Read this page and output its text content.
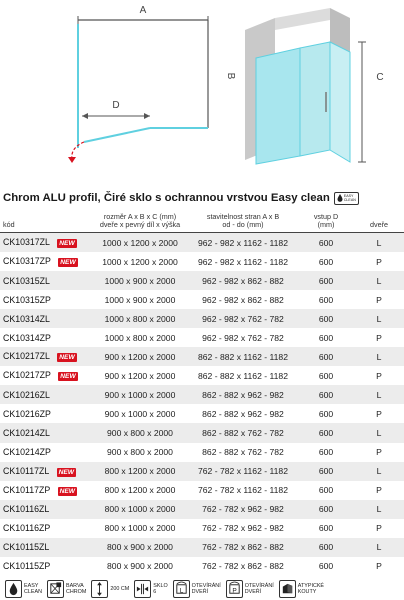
A
B
D
C
Chrom ALU profil, Čiré sklo s ochrannou vrstvou Easy clean	EASY
CLEAN
kód	rozměr A x B x C (mm)
dveře x pevný díl x výška	stavitelnost stran A x B
od - do (mm)	vstup D
(mm)	dveře
CK10317ZL NEW	1000 x 1200 x 2000	962 - 982 x 1162 - 1182	600	L
CK10317ZP NEW	1000 x 1200 x 2000	962 - 982 x 1162 - 1182	600	P
CK10315ZL	1000 x 900 x 2000	962 - 982 x 862 - 882	600	L
CK10315ZP	1000 x 900 x 2000	962 - 982 x 862 - 882	600	P
CK10314ZL	1000 x 800 x 2000	962 - 982 x 762 - 782	600	L
CK10314ZP	1000 x 800 x 2000	962 - 982 x 762 - 782	600	P
CK10217ZL NEW	900 x 1200 x 2000	862 - 882 x 1162 - 1182	600	L
CK10217ZP NEW	900 x 1200 x 2000	862 - 882 x 1162 - 1182	600	P
CK10216ZL	900 x 1000 x 2000	862 - 882 x 962 - 982	600	L
CK10216ZP	900 x 1000 x 2000	862 - 882 x 962 - 982	600	P
CK10214ZL	900 x 800 x 2000	862 - 882 x 762 - 782	600	L
CK10214ZP	900 x 800 x 2000	862 - 882 x 762 - 782	600	P
CK10117ZL NEW	800 x 1200 x 2000	762 - 782 x 1162 - 1182	600	L
CK10117ZP NEW	800 x 1200 x 2000	762 - 782 x 1162 - 1182	600	P
CK10116ZL	800 x 1000 x 2000	762 - 782 x 962 - 982	600	L
CK10116ZP	800 x 1000 x 2000	762 - 782 x 962 - 982	600	P
CK10115ZL	800 x 900 x 2000	762 - 782 x 862 - 882	600	L
CK10115ZP	800 x 900 x 2000	762 - 782 x 862 - 882	600	P
EASY
CLEAN
BARVA
CHROM	200 CM	SKLO
6	L
OTEVÍRÁNÍ
DVEŘÍ	P
OTEVÍRÁNÍ
DVEŘÍ
ATYPICKÉ
KOUTY
